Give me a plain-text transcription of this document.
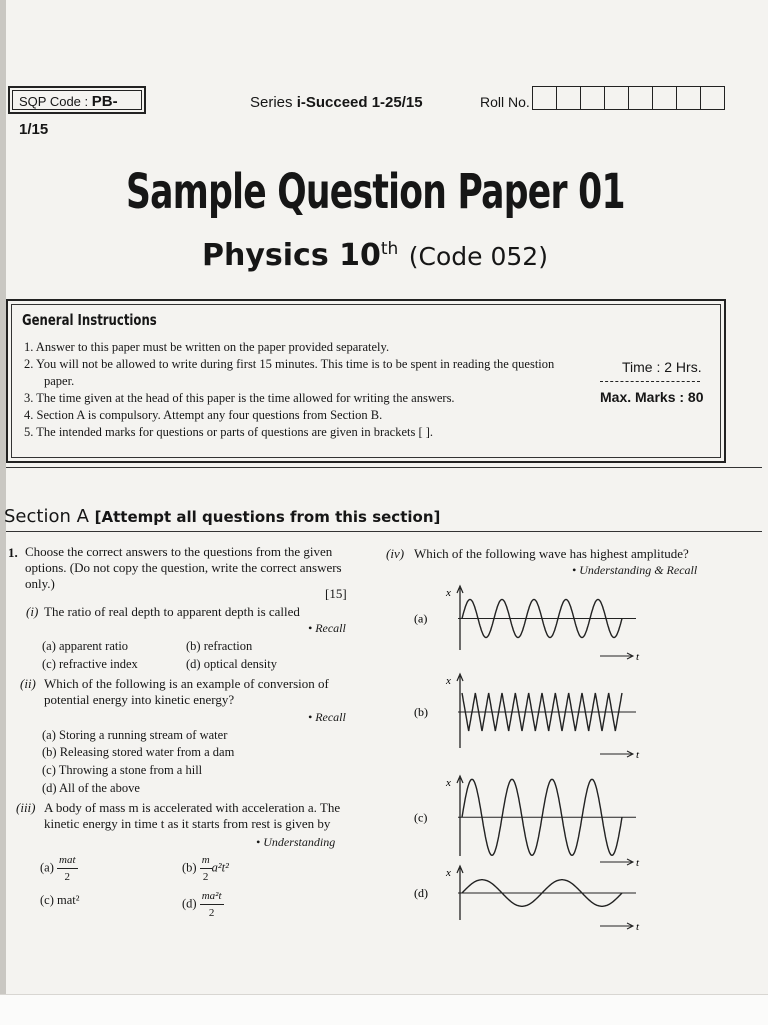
SQP Code : PB-1/15
Series i-Succeed 1-25/15	Roll No.
Sample Question Paper 01
Physics 10th (Code 052)
General Instructions
1. Answer to this paper must be written on the paper provided separately.
2. You will not be allowed to write during first 15 minutes. This time is to be spent in reading the question paper.
3. The time given at the head of this paper is the time allowed for writing the answers.
4. Section A is compulsory. Attempt any four questions from Section B.
5. The intended marks for questions or parts of questions are given in brackets [ ].
Time : 2 Hrs.
Max. Marks : 80
Section A [Attempt all questions from this section]
1. Choose the correct answers to the questions from the given options. (Do not copy the question, write the correct answers only.)
[15]
(i) The ratio of real depth to apparent depth is called
• Recall
(a) apparent ratio	(b) refraction
(c) refractive index	(d) optical density
(ii) Which of the following is an example of conversion of potential energy into kinetic energy?
• Recall
(a) Storing a running stream of water
(b) Releasing stored water from a dam
(c) Throwing a stone from a hill
(d) All of the above
(iii) A body of mass m is accelerated with acceleration a. The kinetic energy in time t as it starts from rest is given by
• Understanding
$(a) \frac{\text{mat}}{2}$	$(b) \frac{m}{2} a^2t^2$
(c) mat²	$(d) \frac{\text{ma²t}}{2}$
(iv) Which of the following wave has highest amplitude?
• Understanding & Recall
(a)
x
t
(b)
x
t
(c)
x
t
(d)
x
t
